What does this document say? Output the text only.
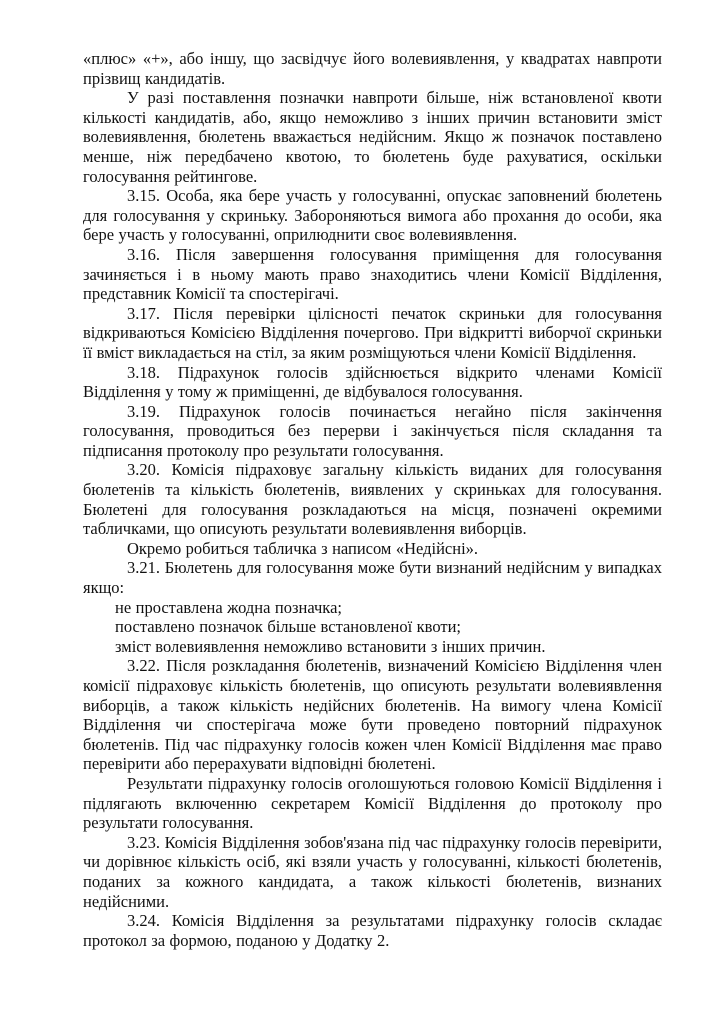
«плюс» «+», або іншу, що засвідчує його волевиявлення, у квадратах навпроти прізвищ кандидатів.

У разі поставлення позначки навпроти більше, ніж встановленої квоти кількості кандидатів, або, якщо неможливо з інших причин встановити зміст волевиявлення, бюлетень вважається недійсним. Якщо ж позначок поставлено менше, ніж передбачено квотою, то бюлетень буде рахуватися, оскільки голосування рейтингове.

3.15. Особа, яка бере участь у голосуванні, опускає заповнений бюлетень для голосування у скриньку. Забороняються вимога або прохання до особи, яка бере участь у голосуванні, оприлюднити своє волевиявлення.

3.16. Після завершення голосування приміщення для голосування зачиняється і в ньому мають право знаходитись члени Комісії Відділення, представник Комісії та спостерігачі.

3.17. Після перевірки цілісності печаток скриньки для голосування відкриваються Комісією Відділення почергово. При відкритті виборчої скриньки її вміст викладається на стіл, за яким розміщуються члени Комісії Відділення.

3.18. Підрахунок голосів здійснюється відкрито членами Комісії Відділення у тому ж приміщенні, де відбувалося голосування.

3.19. Підрахунок голосів починається негайно після закінчення голосування, проводиться без перерви і закінчується після складання та підписання протоколу про результати голосування.

3.20. Комісія підраховує загальну кількість виданих для голосування бюлетенів та кількість бюлетенів, виявлених у скриньках для голосування. Бюлетені для голосування розкладаються на місця, позначені окремими табличками, що описують результати волевиявлення виборців.

Окремо робиться табличка з написом «Недійсні».

3.21. Бюлетень для голосування може бути визнаний недійсним у випадках якщо:

не проставлена жодна позначка;

поставлено позначок більше встановленої квоти;

зміст волевиявлення неможливо встановити з інших причин.

3.22. Після розкладання бюлетенів, визначений Комісією Відділення член комісії підраховує кількість бюлетенів, що описують результати волевиявлення виборців, а також кількість недійсних бюлетенів. На вимогу члена Комісії Відділення чи спостерігача може бути проведено повторний підрахунок бюлетенів. Під час підрахунку голосів кожен член Комісії Відділення має право перевірити або перерахувати відповідні бюлетені.

Результати підрахунку голосів оголошуються головою Комісії Відділення і підлягають включенню секретарем Комісії Відділення до протоколу про результати голосування.

3.23. Комісія Відділення зобов'язана під час підрахунку голосів перевірити, чи дорівнює кількість осіб, які взяли участь у голосуванні, кількості бюлетенів, поданих за кожного кандидата, а також кількості бюлетенів, визнаних недійсними.

3.24. Комісія Відділення за результатами підрахунку голосів складає протокол за формою, поданою у Додатку 2.
